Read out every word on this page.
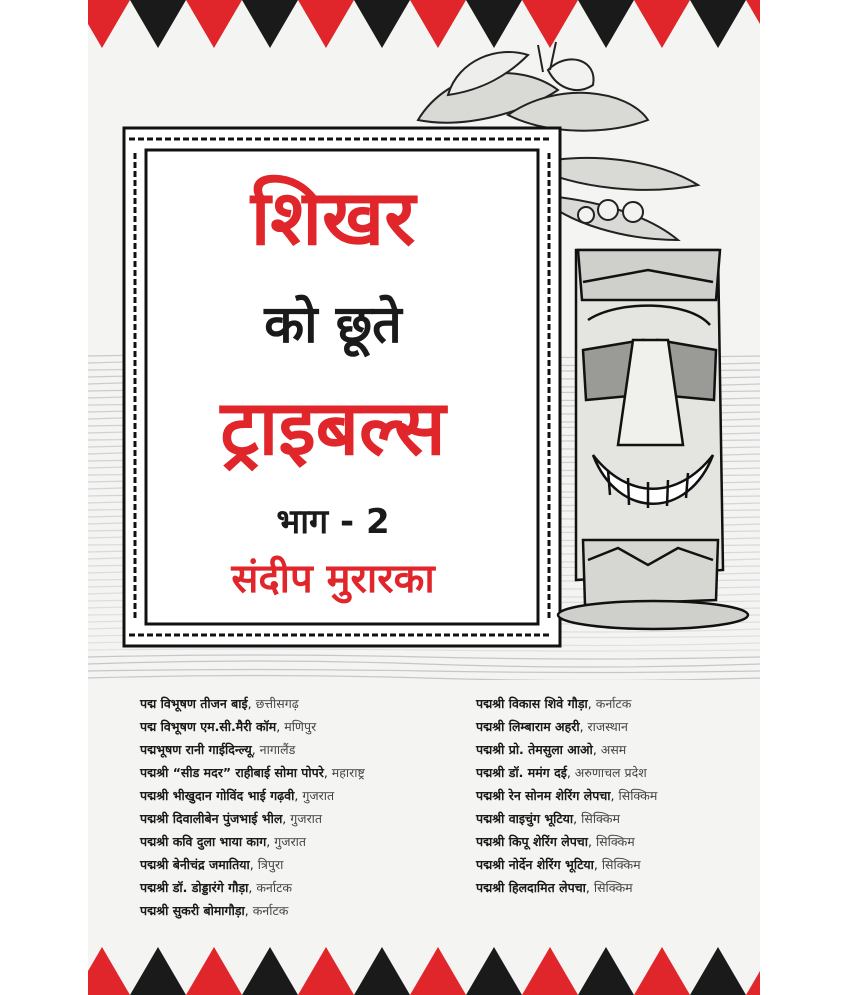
शिखर
को छूते
ट्राइबल्स
भाग - 2
संदीप मुरारका
पद्म विभूषण तीजन बाई, छत्तीसगढ़
पद्म विभूषण एम.सी.मैरी कॉम, मणिपुर
पद्मभूषण रानी गाईदिन्ल्यू, नागालैंड
पद्मश्री “सीड मदर” राहीबाई सोमा पोपरे, महाराष्ट्र
पद्मश्री भीखुदान गोविंद भाई गढ़वी, गुजरात
पद्मश्री दिवालीबेन पुंजभाई भील, गुजरात
पद्मश्री कवि दुला भाया काग, गुजरात
पद्मश्री बेनीचंद्र जमातिया, त्रिपुरा
पद्मश्री डॉ. डोड्डारंगे गौड़ा, कर्नाटक
पद्मश्री सुकरी बोमागौड़ा, कर्नाटक
पद्मश्री विकास शिवे गौड़ा, कर्नाटक
पद्मश्री लिम्बाराम अहरी, राजस्थान
पद्मश्री प्रो. तेमसुला आओ, असम
पद्मश्री डॉ. ममंग दई, अरुणाचल प्रदेश
पद्मश्री रेन सोनम शेरिंग लेपचा, सिक्किम
पद्मश्री वाइचुंग भूटिया, सिक्किम
पद्मश्री किपू शेरिंग लेपचा, सिक्किम
पद्मश्री नोर्देन शेरिंग भूटिया, सिक्किम
पद्मश्री हिलदामित लेपचा, सिक्किम
